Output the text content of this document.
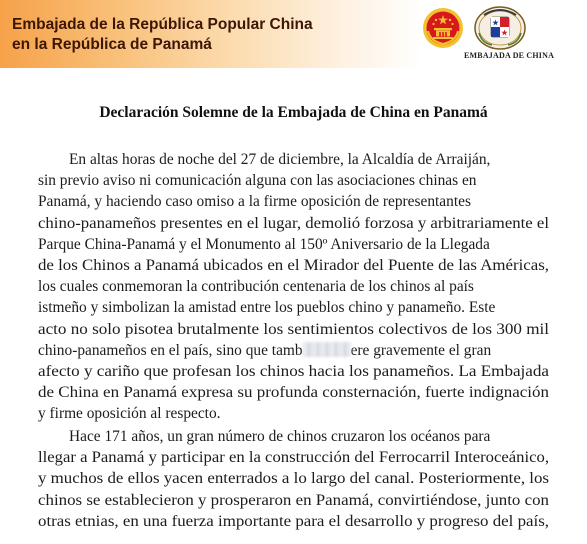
Embajada de la República Popular China
en la República de Panamá
EMBAJADA DE CHINA
Declaración Solemne de la Embajada de China en Panamá
En altas horas de noche del 27 de diciembre, la Alcaldía de Arraiján,
sin previo aviso ni comunicación alguna con las asociaciones chinas en
Panamá, y haciendo caso omiso a la firme oposición de representantes
chino-panameños presentes en el lugar, demolió forzosa y arbitrariamente el
Parque China-Panamá y el Monumento al 150º Aniversario de la Llegada
de los Chinos a Panamá ubicados en el Mirador del Puente de las Américas,
los cuales conmemoran la contribución centenaria de los chinos al país
istmeño y simbolizan la amistad entre los pueblos chino y panameño. Este
acto no solo pisotea brutalmente los sentimientos colectivos de los 300 mil
chino-panameños en el país, sino que tamb	ere gravemente el gran
afecto y cariño que profesan los chinos hacia los panameños. La Embajada
de China en Panamá expresa su profunda consternación, fuerte indignación
y firme oposición al respecto.
Hace 171 años, un gran número de chinos cruzaron los océanos para
llegar a Panamá y participar en la construcción del Ferrocarril Interoceánico,
y muchos de ellos yacen enterrados a lo largo del canal. Posteriormente, los
chinos se establecieron y prosperaron en Panamá, convirtiéndose, junto con
otras etnias, en una fuerza importante para el desarrollo y progreso del país,
